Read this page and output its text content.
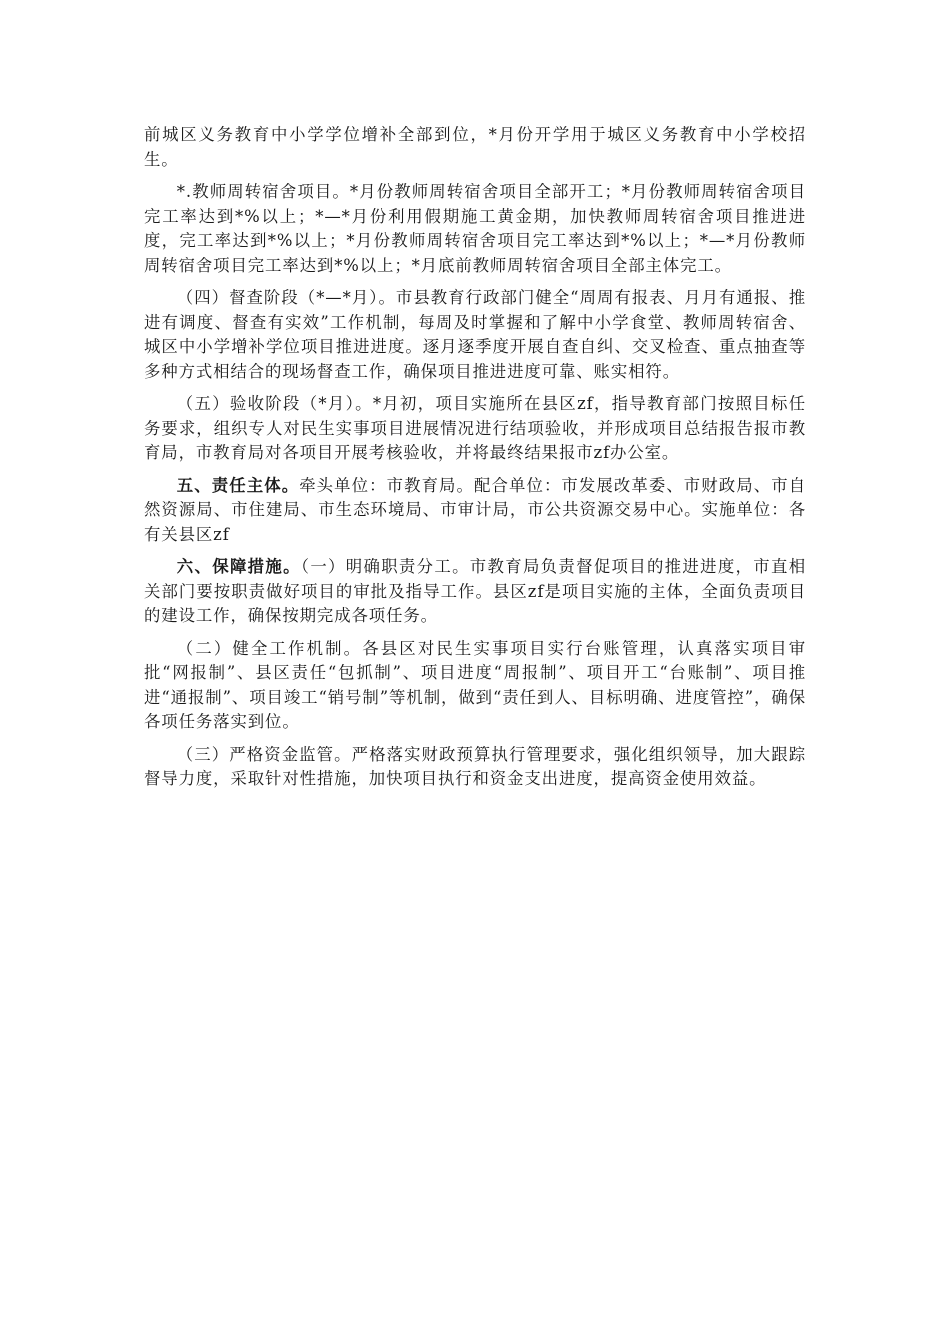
前城区义务教育中小学学位增补全部到位，*月份开学用于城区义务教育中小学校招生。

*.教师周转宿舍项目。*月份教师周转宿舍项目全部开工；*月份教师周转宿舍项目完工率达到*%以上；*—*月份利用假期施工黄金期，加快教师周转宿舍项目推进进度，完工率达到*%以上；*月份教师周转宿舍项目完工率达到*%以上；*—*月份教师周转宿舍项目完工率达到*%以上；*月底前教师周转宿舍项目全部主体完工。

（四）督查阶段（*—*月）。市县教育行政部门健全“周周有报表、月月有通报、推进有调度、督查有实效”工作机制，每周及时掌握和了解中小学食堂、教师周转宿舍、城区中小学增补学位项目推进进度。逐月逐季度开展自查自纠、交叉检查、重点抽查等多种方式相结合的现场督查工作，确保项目推进进度可靠、账实相符。

（五）验收阶段（*月）。*月初，项目实施所在县区zf，指导教育部门按照目标任务要求，组织专人对民生实事项目进展情况进行结项验收，并形成项目总结报告报市教育局，市教育局对各项目开展考核验收，并将最终结果报市zf办公室。

五、责任主体。牵头单位：市教育局。配合单位：市发展改革委、市财政局、市自然资源局、市住建局、市生态环境局、市审计局，市公共资源交易中心。实施单位：各有关县区zf

六、保障措施。（一）明确职责分工。市教育局负责督促项目的推进进度，市直相关部门要按职责做好项目的审批及指导工作。县区zf是项目实施的主体，全面负责项目的建设工作，确保按期完成各项任务。

（二）健全工作机制。各县区对民生实事项目实行台账管理，认真落实项目审批“网报制”、县区责任“包抓制”、项目进度“周报制”、项目开工“台账制”、项目推进“通报制”、项目竣工“销号制”等机制，做到“责任到人、目标明确、进度管控”，确保各项任务落实到位。

（三）严格资金监管。严格落实财政预算执行管理要求，强化组织领导，加大跟踪督导力度，采取针对性措施，加快项目执行和资金支出进度，提高资金使用效益。
